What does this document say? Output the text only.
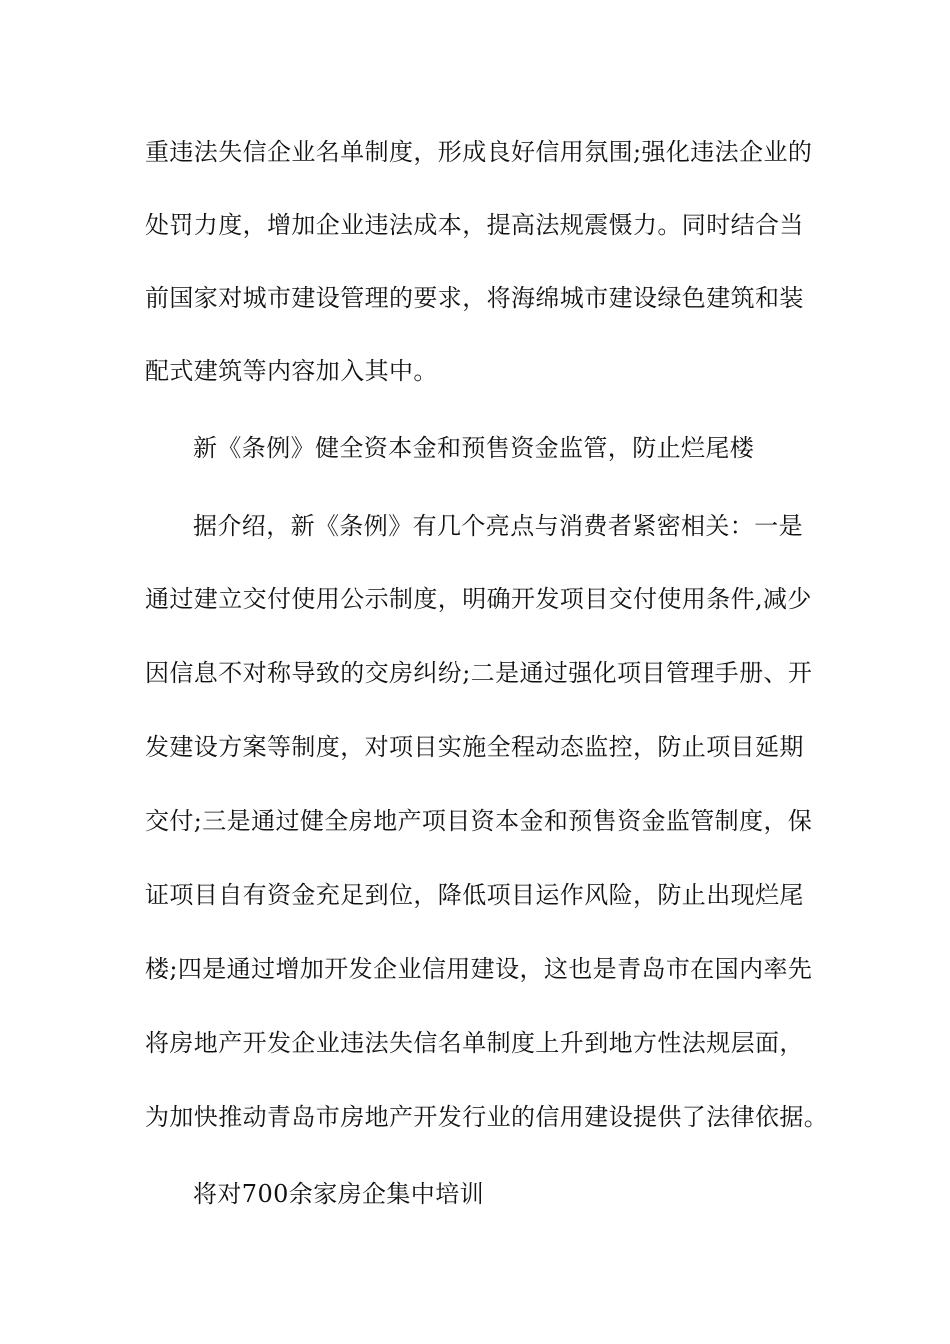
重违法失信企业名单制度，形成良好信用氛围;强化违法企业的
处罚力度，增加企业违法成本，提高法规震慑力。同时结合当
前国家对城市建设管理的要求，将海绵城市建设绿色建筑和装
配式建筑等内容加入其中。
新《条例》健全资本金和预售资金监管，防止烂尾楼
据介绍，新《条例》有几个亮点与消费者紧密相关：一是
通过建立交付使用公示制度，明确开发项目交付使用条件,减少
因信息不对称导致的交房纠纷;二是通过强化项目管理手册、开
发建设方案等制度，对项目实施全程动态监控，防止项目延期
交付;三是通过健全房地产项目资本金和预售资金监管制度，保
证项目自有资金充足到位，降低项目运作风险，防止出现烂尾
楼;四是通过增加开发企业信用建设，这也是青岛市在国内率先
将房地产开发企业违法失信名单制度上升到地方性法规层面，
为加快推动青岛市房地产开发行业的信用建设提供了法律依据。
将对700余家房企集中培训
